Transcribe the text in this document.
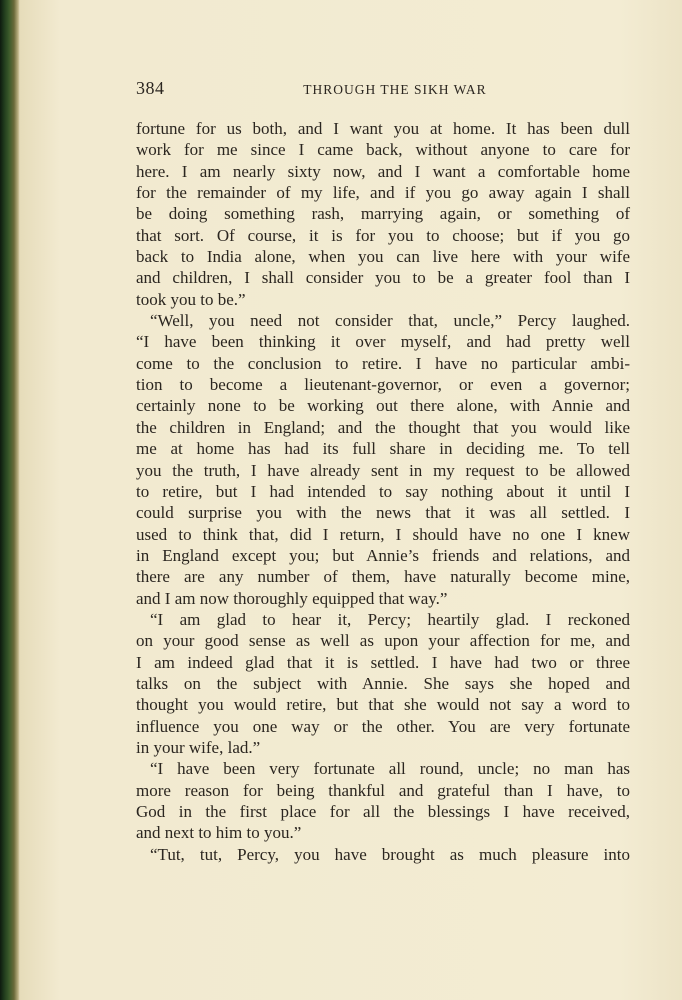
384	THROUGH THE SIKH WAR
fortune for us both, and I want you at home. It has been dull
work for me since I came back, without anyone to care for
here. I am nearly sixty now, and I want a comfortable home
for the remainder of my life, and if you go away again I shall
be doing something rash, marrying again, or something of
that sort. Of course, it is for you to choose; but if you go
back to India alone, when you can live here with your wife
and children, I shall consider you to be a greater fool than I
took you to be.”
“Well, you need not consider that, uncle,” Percy laughed.
“I have been thinking it over myself, and had pretty well
come to the conclusion to retire. I have no particular ambi-
tion to become a lieutenant-governor, or even a governor;
certainly none to be working out there alone, with Annie and
the children in England; and the thought that you would like
me at home has had its full share in deciding me. To tell
you the truth, I have already sent in my request to be allowed
to retire, but I had intended to say nothing about it until I
could surprise you with the news that it was all settled. I
used to think that, did I return, I should have no one I knew
in England except you; but Annie’s friends and relations, and
there are any number of them, have naturally become mine,
and I am now thoroughly equipped that way.”
“I am glad to hear it, Percy; heartily glad. I reckoned
on your good sense as well as upon your affection for me, and
I am indeed glad that it is settled. I have had two or three
talks on the subject with Annie. She says she hoped and
thought you would retire, but that she would not say a word to
influence you one way or the other. You are very fortunate
in your wife, lad.”
“I have been very fortunate all round, uncle; no man has
more reason for being thankful and grateful than I have, to
God in the first place for all the blessings I have received,
and next to him to you.”
“Tut, tut, Percy, you have brought as much pleasure into
